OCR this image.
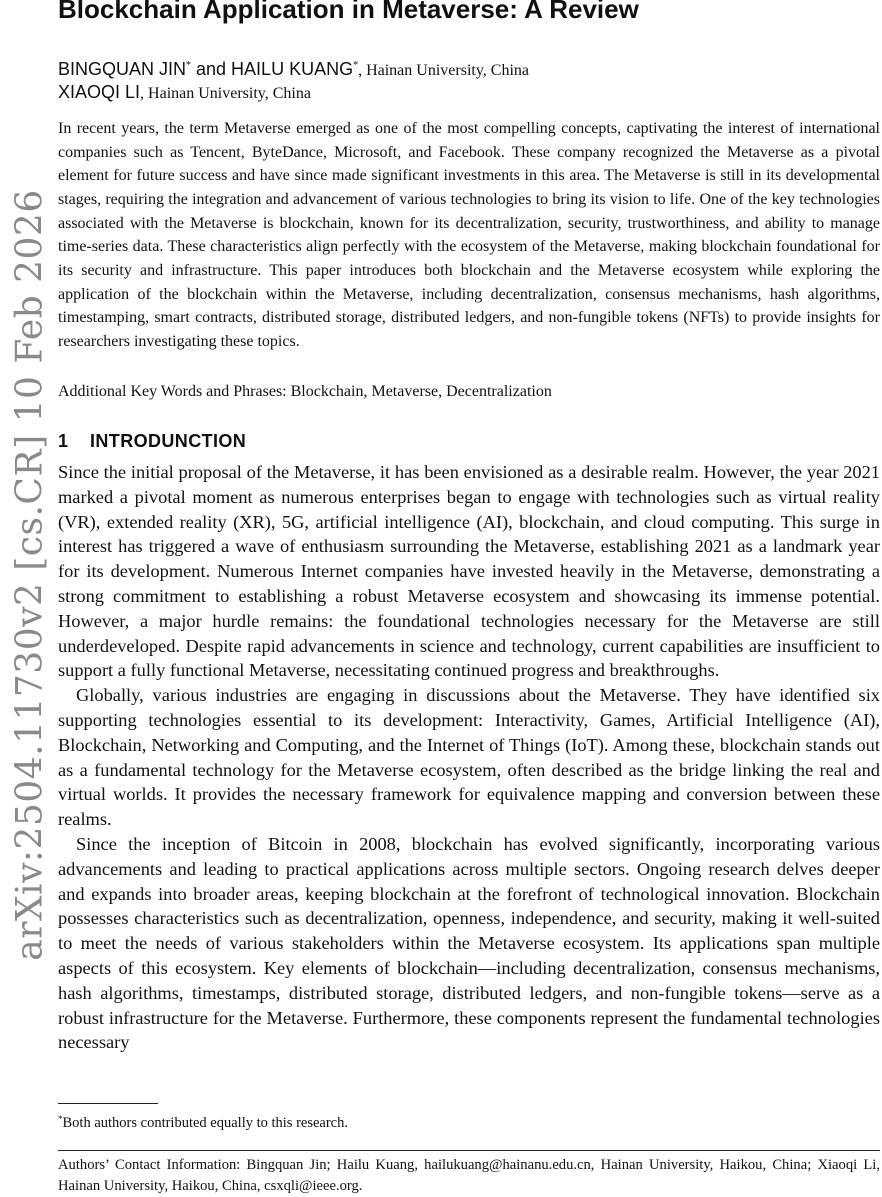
arXiv:2504.11730v2 [cs.CR] 10 Feb 2026
Blockchain Application in Metaverse: A Review
BINGQUAN JIN* and HAILU KUANG*, Hainan University, China
XIAOQI LI, Hainan University, China

In recent years, the term Metaverse emerged as one of the most compelling concepts, captivating the interest of international companies such as Tencent, ByteDance, Microsoft, and Facebook. These company recognized the Metaverse as a pivotal element for future success and have since made significant investments in this area. The Metaverse is still in its developmental stages, requiring the integration and advancement of various technologies to bring its vision to life. One of the key technologies associated with the Metaverse is blockchain, known for its decentralization, security, trustworthiness, and ability to manage time-series data. These characteristics align perfectly with the ecosystem of the Metaverse, making blockchain foundational for its security and infrastructure. This paper introduces both blockchain and the Metaverse ecosystem while exploring the application of the blockchain within the Metaverse, including decentralization, consensus mechanisms, hash algorithms, timestamping, smart contracts, distributed storage, distributed ledgers, and non-fungible tokens (NFTs) to provide insights for researchers investigating these topics.

Additional Key Words and Phrases: Blockchain, Metaverse, Decentralization

1 INTRODUNCTION

Since the initial proposal of the Metaverse, it has been envisioned as a desirable realm. However, the year 2021 marked a pivotal moment as numerous enterprises began to engage with technologies such as virtual reality (VR), extended reality (XR), 5G, artificial intelligence (AI), blockchain, and cloud computing. This surge in interest has triggered a wave of enthusiasm surrounding the Metaverse, establishing 2021 as a landmark year for its development. Numerous Internet companies have invested heavily in the Metaverse, demonstrating a strong commitment to establishing a robust Metaverse ecosystem and showcasing its immense potential. However, a major hurdle remains: the foundational technologies necessary for the Metaverse are still underdeveloped. Despite rapid advancements in science and technology, current capabilities are insufficient to support a fully functional Metaverse, necessitating continued progress and breakthroughs.

Globally, various industries are engaging in discussions about the Metaverse. They have identified six supporting technologies essential to its development: Interactivity, Games, Artificial Intelligence (AI), Blockchain, Networking and Computing, and the Internet of Things (IoT). Among these, blockchain stands out as a fundamental technology for the Metaverse ecosystem, often described as the bridge linking the real and virtual worlds. It provides the necessary framework for equivalence mapping and conversion between these realms.

Since the inception of Bitcoin in 2008, blockchain has evolved significantly, incorporating various advancements and leading to practical applications across multiple sectors. Ongoing research delves deeper and expands into broader areas, keeping blockchain at the forefront of technological innovation. Blockchain possesses characteristics such as decentralization, openness, independence, and security, making it well-suited to meet the needs of various stakeholders within the Metaverse ecosystem. Its applications span multiple aspects of this ecosystem. Key elements of blockchain—including decentralization, consensus mechanisms, hash algorithms, timestamps, distributed storage, distributed ledgers, and non-fungible tokens—serve as a robust infrastructure for the Metaverse. Furthermore, these components represent the fundamental technologies necessary

*Both authors contributed equally to this research.

Authors’ Contact Information: Bingquan Jin; Hailu Kuang, hailukuang@hainanu.edu.cn, Hainan University, Haikou, China; Xiaoqi Li, Hainan University, Haikou, China, csxqli@ieee.org.
